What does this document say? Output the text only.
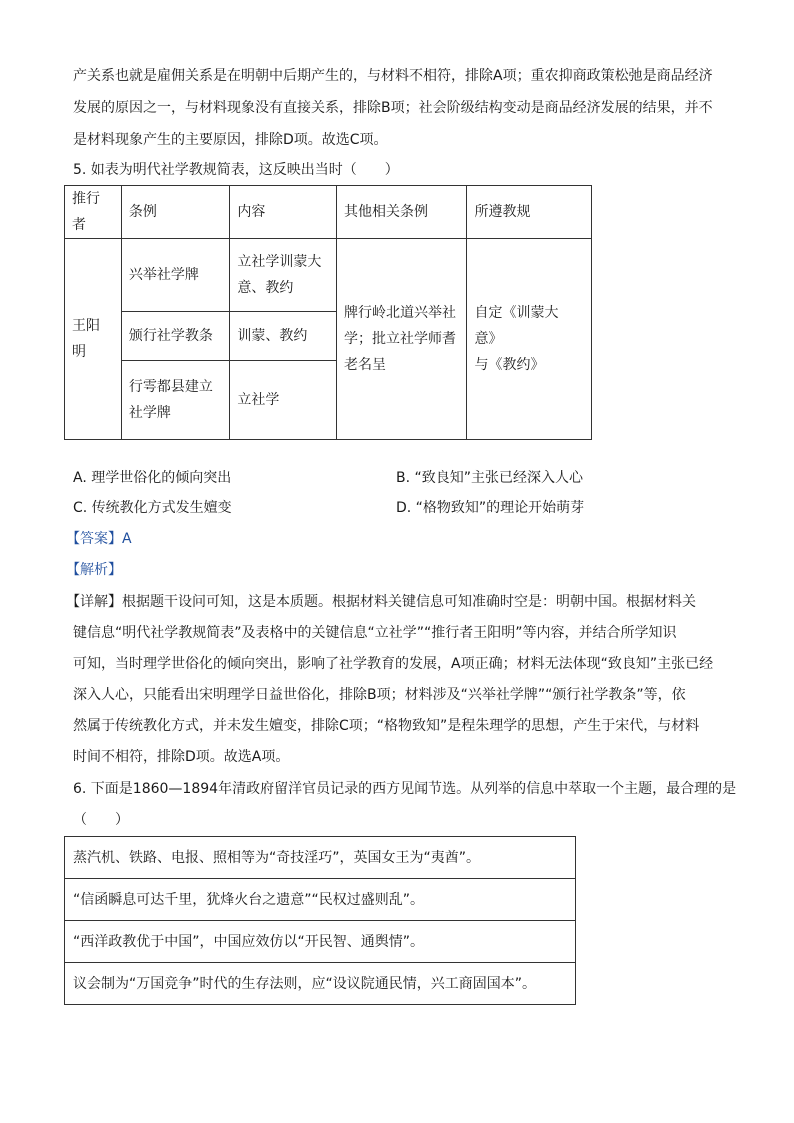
产关系也就是雇佣关系是在明朝中后期产生的，与材料不相符，排除A项；重农抑商政策松弛是商品经济
发展的原因之一，与材料现象没有直接关系，排除B项；社会阶级结构变动是商品经济发展的结果，并不
是材料现象产生的主要原因，排除D项。故选C项。
5. 如表为明代社学教规简表，这反映出当时（　　）
推行者	条例	内容	其他相关条例	所遵教规
王阳明	兴举社学牌	立社学训蒙大
意、教约	牌行岭北道兴举社
学；批立社学师耆
老名呈	自定《训蒙大意》
与《教约》
	颁行社学教条	训蒙、教约		
	行雩都县建立
社学牌	立社学		
A. 理学世俗化的倾向突出	B. “致良知”主张已经深入人心
C. 传统教化方式发生嬗变	D. “格物致知”的理论开始萌芽
【答案】A
【解析】
【详解】根据题干设问可知，这是本质题。根据材料关键信息可知准确时空是：明朝中国。根据材料关
键信息“明代社学教规简表”及表格中的关键信息“立社学”“推行者王阳明”等内容，并结合所学知识
可知，当时理学世俗化的倾向突出，影响了社学教育的发展，A项正确；材料无法体现“致良知”主张已经
深入人心，只能看出宋明理学日益世俗化，排除B项；材料涉及“兴举社学牌”“颁行社学教条”等，依
然属于传统教化方式，并未发生嬗变，排除C项；“格物致知”是程朱理学的思想，产生于宋代，与材料
时间不相符，排除D项。故选A项。
6. 下面是1860—1894年清政府留洋官员记录的西方见闻节选。从列举的信息中萃取一个主题，最合理的是
（　　）
蒸汽机、铁路、电报、照相等为“奇技淫巧”，英国女王为“夷酋”。
“信函瞬息可达千里，犹烽火台之遗意”“民权过盛则乱”。
“西洋政教优于中国”，中国应效仿以“开民智、通舆情”。
议会制为“万国竞争”时代的生存法则，应“设议院通民情，兴工商固国本”。
